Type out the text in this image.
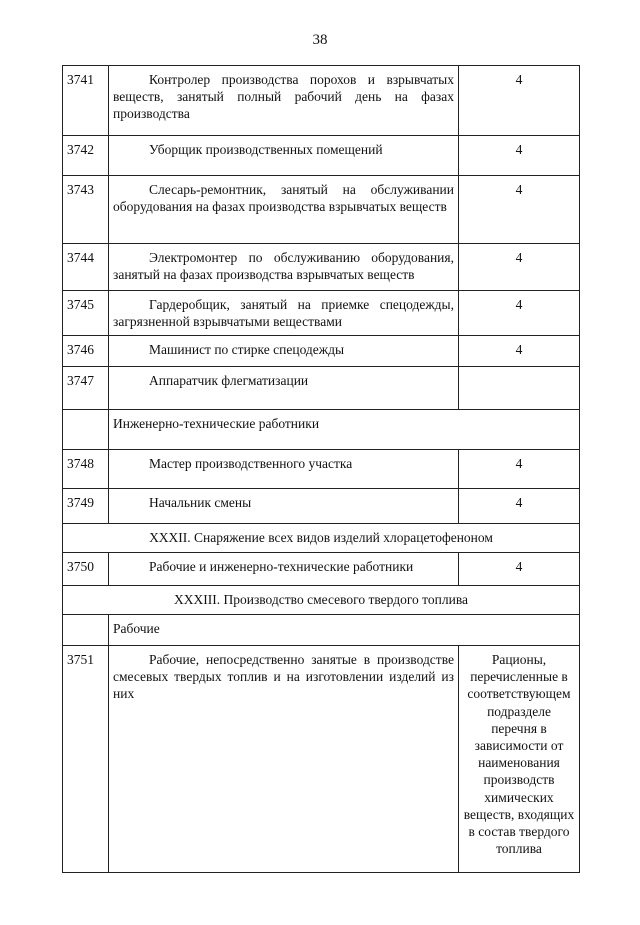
38
3741	Контролер производства порохов и взрывчатых веществ, занятый полный рабочий день на фазах производства	4
3742	Уборщик производственных помещений	4
3743	Слесарь-ремонтник, занятый на обслуживании оборудования на фазах производства взрывчатых веществ	4
3744	Электромонтер по обслуживанию оборудования, занятый на фазах производства взрывчатых веществ	4
3745	Гардеробщик, занятый на приемке спецодежды, загрязненной взрывчатыми веществами	4
3746	Машинист по стирке спецодежды	4
3747	Аппаратчик флегматизации	
	Инженерно-технические работники	
3748	Мастер производственного участка	4
3749	Начальник смены	4
XXXII. Снаряжение всех видов изделий хлорацетофеноном		
3750	Рабочие и инженерно-технические работники	4
XXXIII. Производство смесевого твердого топлива		
	Рабочие	
3751	Рабочие, непосредственно занятые в производстве смесевых твердых топлив и на изготовлении изделий из них	Рационы, перечисленные в соответствующем подразделе перечня в зависимости от наименования производств химических веществ, входящих в состав твердого топлива
